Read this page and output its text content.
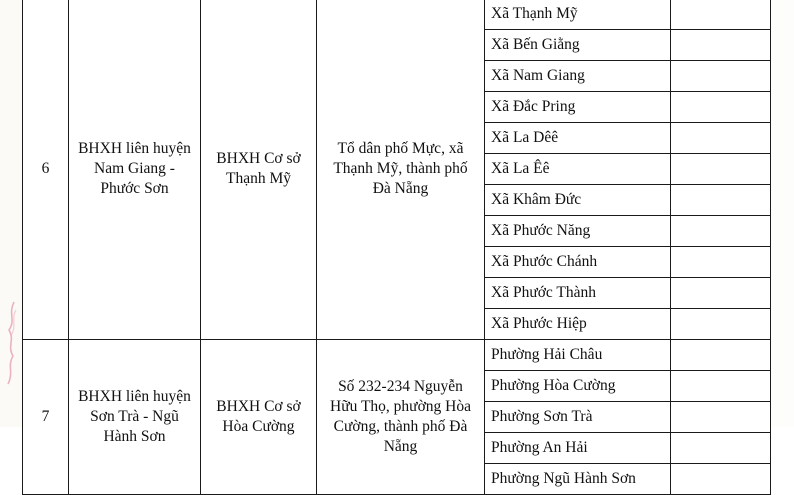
6	BHXH liên huyện Nam Giang - Phước Sơn	BHXH Cơ sở Thạnh Mỹ	Tổ dân phố Mực, xã Thạnh Mỹ, thành phố Đà Nẵng	Xã Thạnh Mỹ	
				Xã Bến Giằng	
				Xã Nam Giang	
				Xã Đắc Pring	
				Xã La Dêê	
				Xã La Êê	
				Xã Khâm Đức	
				Xã Phước Năng	
				Xã Phước Chánh	
				Xã Phước Thành	
				Xã Phước Hiệp	
7	BHXH liên huyện Sơn Trà - Ngũ Hành Sơn	BHXH Cơ sở Hòa Cường	Số 232-234 Nguyễn Hữu Thọ, phường Hòa Cường, thành phố Đà Nẵng	Phường Hải Châu	
				Phường Hòa Cường	
				Phường Sơn Trà	
				Phường An Hải	
				Phường Ngũ Hành Sơn	
